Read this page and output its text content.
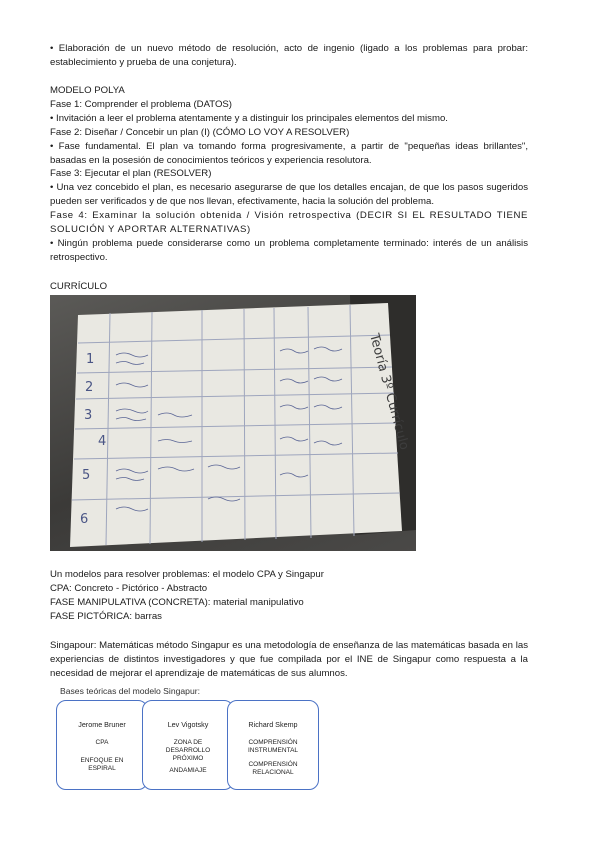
• Elaboración de un nuevo método de resolución, acto de ingenio (ligado a los problemas para probar: establecimiento y prueba de una conjetura).

MODELO POLYA

Fase 1: Comprender el problema (DATOS)

• Invitación a leer el problema atentamente y a distinguir los principales elementos del mismo.

Fase 2: Diseñar / Concebir un plan (I) (CÓMO LO VOY A RESOLVER)

• Fase fundamental. El plan va tomando forma progresivamente, a partir de "pequeñas ideas brillantes", basadas en la posesión de conocimientos teóricos y experiencia resolutora.

Fase 3: Ejecutar el plan (RESOLVER)

• Una vez concebido el plan, es necesario asegurarse de que los detalles encajan, de que los pasos sugeridos pueden ser verificados y de que nos llevan, efectivamente, hacia la solución del problema.

Fase 4: Examinar la solución obtenida / Visión retrospectiva (DECIR SI EL RESULTADO TIENE SOLUCIÓN Y APORTAR ALTERNATIVAS)

• Ningún problema puede considerarse como un problema completamente terminado: interés de un análisis retrospectivo.

CURRÍCULO

1
2
3
4
5
6
Teoría 3º Currículo

Un modelos para resolver problemas: el modelo CPA y Singapur

CPA: Concreto - Pictórico - Abstracto

FASE MANIPULATIVA (CONCRETA): material manipulativo

FASE PICTÓRICA: barras

Singapour: Matemáticas método Singapur es una metodología de enseñanza de las matemáticas basada en las experiencias de distintos investigadores y que fue compilada por el INE de Singapur como respuesta a la necesidad de mejorar el aprendizaje de matemáticas de sus alumnos.

Bases teóricas del modelo Singapur:

Jerome Bruner
CPA
ENFOQUE EN ESPIRAL
Lev Vigotsky
ZONA DE DESARROLLO PRÓXIMO
ANDAMIAJE
Richard Skemp
COMPRENSIÓN INSTRUMENTAL
COMPRENSIÓN RELACIONAL
